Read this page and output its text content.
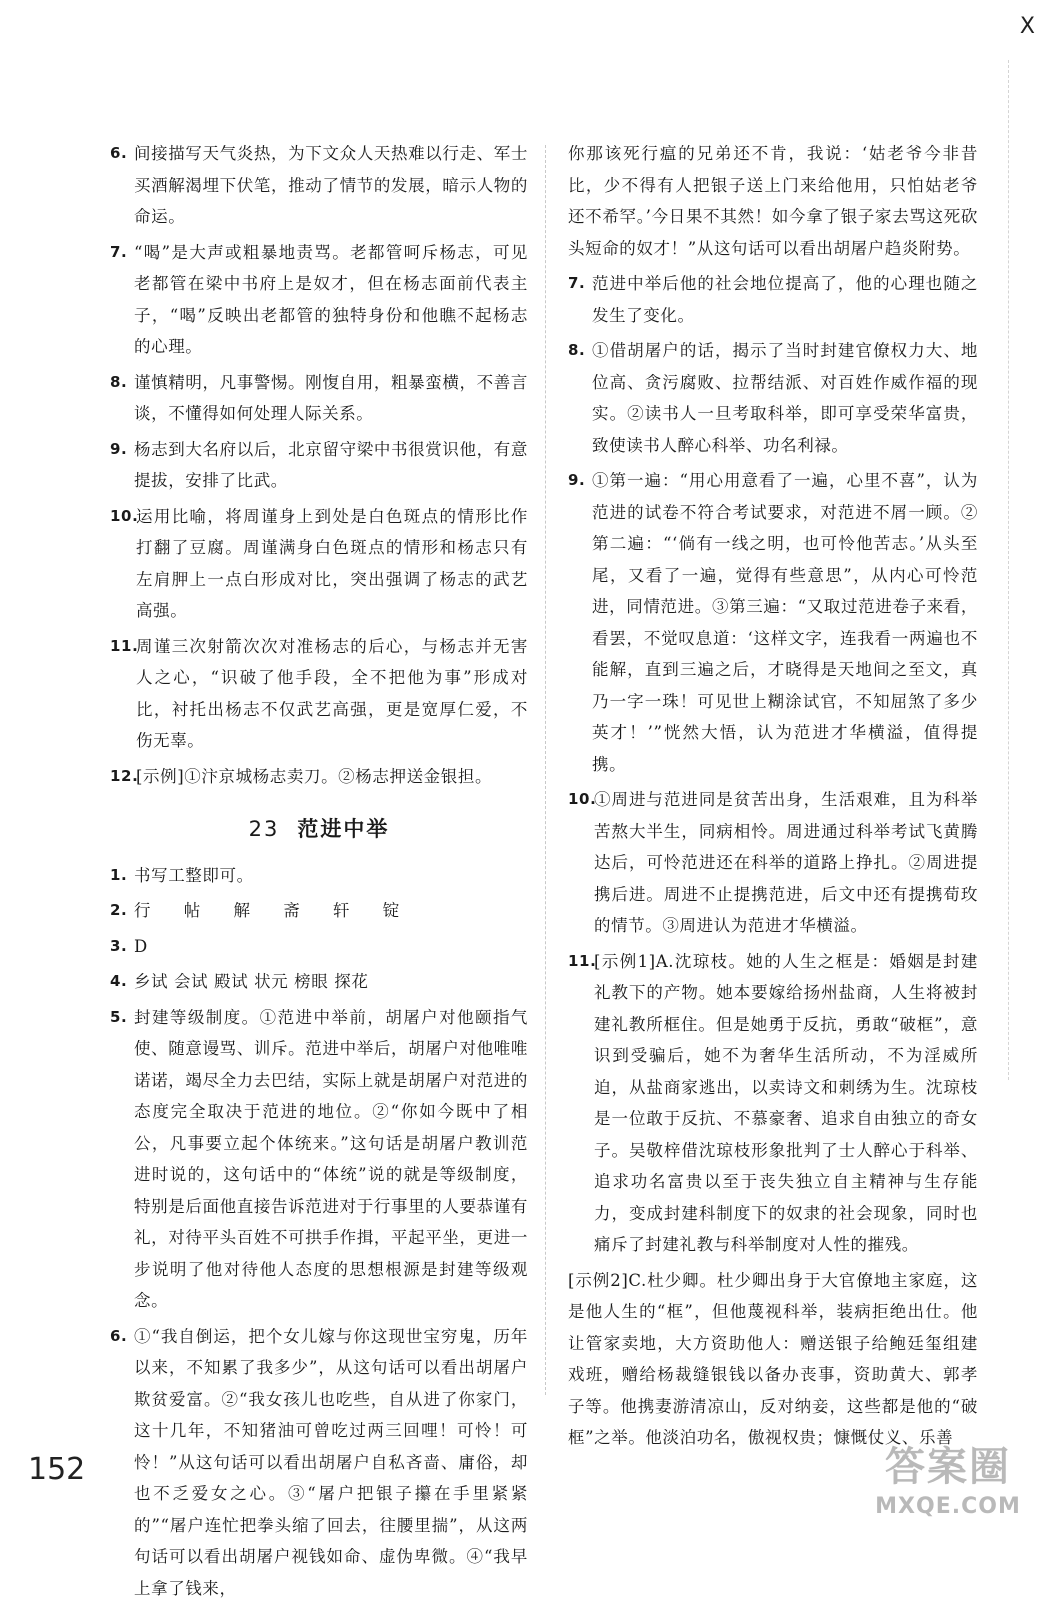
X
6. 间接描写天气炎热，为下文众人天热难以行走、军士买酒解渴埋下伏笔，推动了情节的发展，暗示人物的命运。
7. “喝”是大声或粗暴地责骂。老都管呵斥杨志，可见老都管在梁中书府上是奴才，但在杨志面前代表主子，“喝”反映出老都管的独特身份和他瞧不起杨志的心理。
8. 谨慎精明，凡事警惕。刚愎自用，粗暴蛮横，不善言谈，不懂得如何处理人际关系。
9. 杨志到大名府以后，北京留守梁中书很赏识他，有意提拔，安排了比武。
10.
运用比喻，将周谨身上到处是白色斑点的情形比作打翻了豆腐。周谨满身白色斑点的情形和杨志只有左肩胛上一点白形成对比，突出强调了杨志的武艺高强。
11.
周谨三次射箭次次对准杨志的后心，与杨志并无害人之心，“识破了他手段，全不把他为事”形成对比，衬托出杨志不仅武艺高强，更是宽厚仁爱，不伤无辜。
12.
[示例]①汴京城杨志卖刀。②杨志押送金银担。
23 范进中举
1. 书写工整即可。
2. 行 帖 解 斋 轩 锭
3. D
4. 乡试 会试 殿试 状元 榜眼 探花
5. 封建等级制度。①范进中举前，胡屠户对他颐指气使、随意谩骂、训斥。范进中举后，胡屠户对他唯唯诺诺，竭尽全力去巴结，实际上就是胡屠户对范进的态度完全取决于范进的地位。②“你如今既中了相公，凡事要立起个体统来。”这句话是胡屠户教训范进时说的，这句话中的“体统”说的就是等级制度，特别是后面他直接告诉范进对于行事里的人要恭谨有礼，对待平头百姓不可拱手作揖，平起平坐，更进一步说明了他对待他人态度的思想根源是封建等级观念。
6. ①“我自倒运，把个女儿嫁与你这现世宝穷鬼，历年以来，不知累了我多少”，从这句话可以看出胡屠户欺贫爱富。②“我女孩儿也吃些，自从进了你家门，这十几年，不知猪油可曾吃过两三回哩！可怜！可怜！”从这句话可以看出胡屠户自私吝啬、庸俗，却也不乏爱女之心。③“屠户把银子攥在手里紧紧的”“屠户连忙把拳头缩了回去，往腰里揣”，从这两句话可以看出胡屠户视钱如命、虚伪卑微。④“我早上拿了钱来，
你那该死行瘟的兄弟还不肯，我说：‘姑老爷今非昔比，少不得有人把银子送上门来给他用，只怕姑老爷还不希罕。’今日果不其然！如今拿了银子家去骂这死砍头短命的奴才！”从这句话可以看出胡屠户趋炎附势。
7. 范进中举后他的社会地位提高了，他的心理也随之发生了变化。
8. ①借胡屠户的话，揭示了当时封建官僚权力大、地位高、贪污腐败、拉帮结派、对百姓作威作福的现实。②读书人一旦考取科举，即可享受荣华富贵，致使读书人醉心科举、功名利禄。
9. ①第一遍：“用心用意看了一遍，心里不喜”，认为范进的试卷不符合考试要求，对范进不屑一顾。②第二遍：“‘倘有一线之明，也可怜他苦志。’从头至尾，又看了一遍，觉得有些意思”，从内心可怜范进，同情范进。③第三遍：“又取过范进卷子来看，看罢，不觉叹息道：‘这样文字，连我看一两遍也不能解，直到三遍之后，才晓得是天地间之至文，真乃一字一珠！可见世上糊涂试官，不知屈煞了多少英才！’”恍然大悟，认为范进才华横溢，值得提携。
10.
①周进与范进同是贫苦出身，生活艰难，且为科举苦熬大半生，同病相怜。周进通过科举考试飞黄腾达后，可怜范进还在科举的道路上挣扎。②周进提携后进。周进不止提携范进，后文中还有提携荀玫的情节。③周进认为范进才华横溢。
11.
[示例1]A.沈琼枝。她的人生之框是：婚姻是封建礼教下的产物。她本要嫁给扬州盐商，人生将被封建礼教所框住。但是她勇于反抗，勇敢“破框”，意识到受骗后，她不为奢华生活所动，不为淫威所迫，从盐商家逃出，以卖诗文和刺绣为生。沈琼枝是一位敢于反抗、不慕豪奢、追求自由独立的奇女子。吴敬梓借沈琼枝形象批判了士人醉心于科举、追求功名富贵以至于丧失独立自主精神与生存能力，变成封建科制度下的奴隶的社会现象，同时也痛斥了封建礼教与科举制度对人性的摧残。
[示例2]C.杜少卿。杜少卿出身于大官僚地主家庭，这是他人生的“框”，但他蔑视科举，装病拒绝出仕。他让管家卖地，大方资助他人：赠送银子给鲍廷玺组建戏班，赠给杨裁缝银钱以备办丧事，资助黄大、郭孝子等。他携妻游清凉山，反对纳妾，这些都是他的“破框”之举。他淡泊功名，傲视权贵；慷慨仗义、乐善
152	答案圈
MXQE.COM
